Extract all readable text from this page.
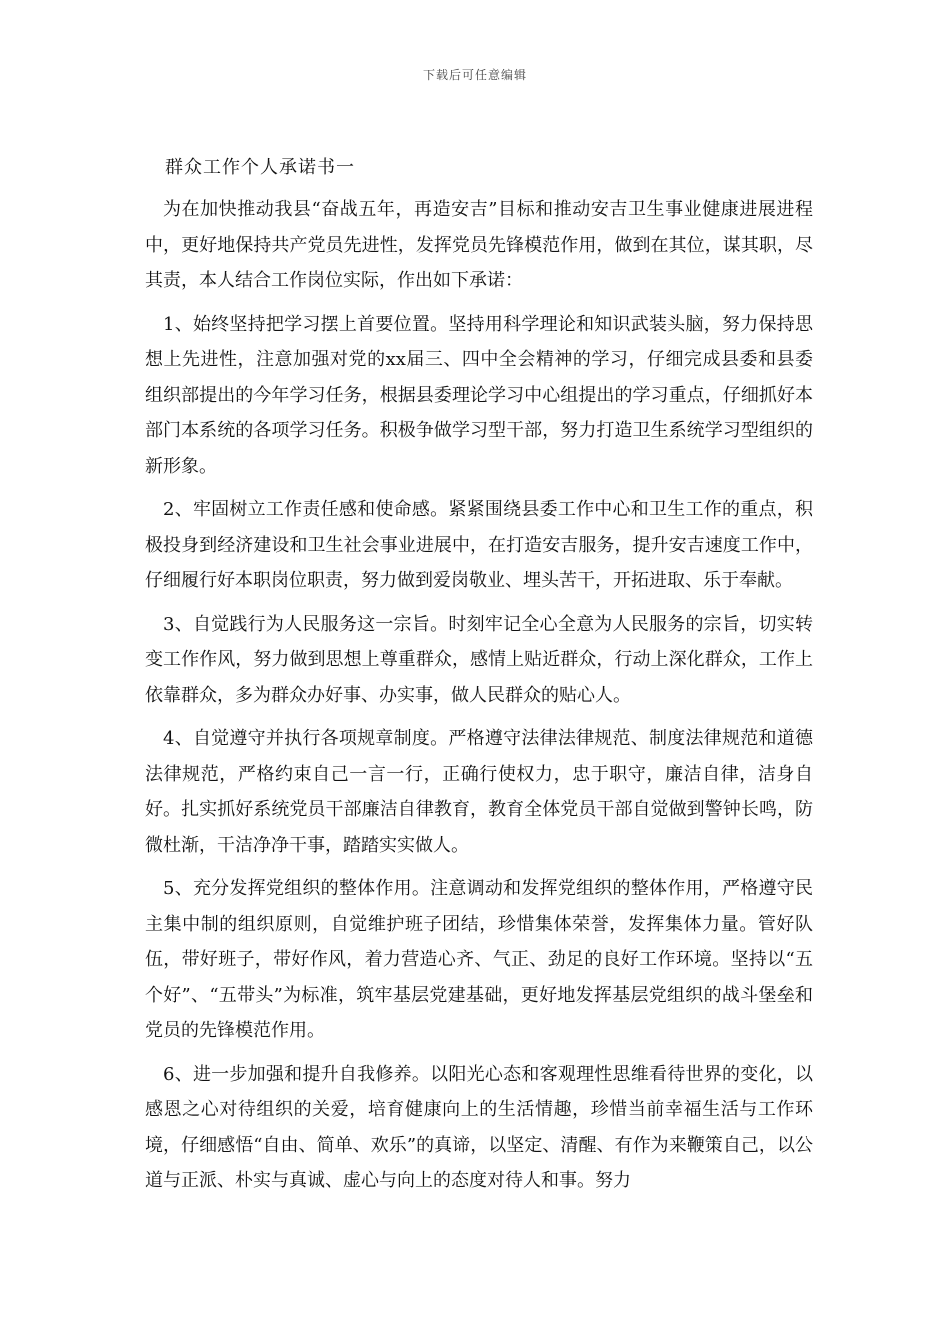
下载后可任意编辑
群众工作个人承诺书一

为在加快推动我县“奋战五年，再造安吉”目标和推动安吉卫生事业健康进展进程中，更好地保持共产党员先进性，发挥党员先锋模范作用，做到在其位，谋其职，尽其责，本人结合工作岗位实际，作出如下承诺：

1、始终坚持把学习摆上首要位置。坚持用科学理论和知识武装头脑，努力保持思想上先进性，注意加强对党的xx届三、四中全会精神的学习，仔细完成县委和县委组织部提出的今年学习任务，根据县委理论学习中心组提出的学习重点，仔细抓好本部门本系统的各项学习任务。积极争做学习型干部，努力打造卫生系统学习型组织的新形象。

2、牢固树立工作责任感和使命感。紧紧围绕县委工作中心和卫生工作的重点，积极投身到经济建设和卫生社会事业进展中，在打造安吉服务，提升安吉速度工作中，仔细履行好本职岗位职责，努力做到爱岗敬业、埋头苦干，开拓进取、乐于奉献。

3、自觉践行为人民服务这一宗旨。时刻牢记全心全意为人民服务的宗旨，切实转变工作作风，努力做到思想上尊重群众，感情上贴近群众，行动上深化群众，工作上依靠群众，多为群众办好事、办实事，做人民群众的贴心人。

4、自觉遵守并执行各项规章制度。严格遵守法律法律规范、制度法律规范和道德法律规范，严格约束自己一言一行，正确行使权力，忠于职守，廉洁自律，洁身自好。扎实抓好系统党员干部廉洁自律教育，教育全体党员干部自觉做到警钟长鸣，防微杜渐，干洁净净干事，踏踏实实做人。

5、充分发挥党组织的整体作用。注意调动和发挥党组织的整体作用，严格遵守民主集中制的组织原则，自觉维护班子团结，珍惜集体荣誉，发挥集体力量。管好队伍，带好班子，带好作风，着力营造心齐、气正、劲足的良好工作环境。坚持以“五个好”、“五带头”为标准，筑牢基层党建基础，更好地发挥基层党组织的战斗堡垒和党员的先锋模范作用。

6、进一步加强和提升自我修养。以阳光心态和客观理性思维看待世界的变化，以感恩之心对待组织的关爱，培育健康向上的生活情趣，珍惜当前幸福生活与工作环境，仔细感悟“自由、简单、欢乐”的真谛，以坚定、清醒、有作为来鞭策自己，以公道与正派、朴实与真诚、虚心与向上的态度对待人和事。努力
